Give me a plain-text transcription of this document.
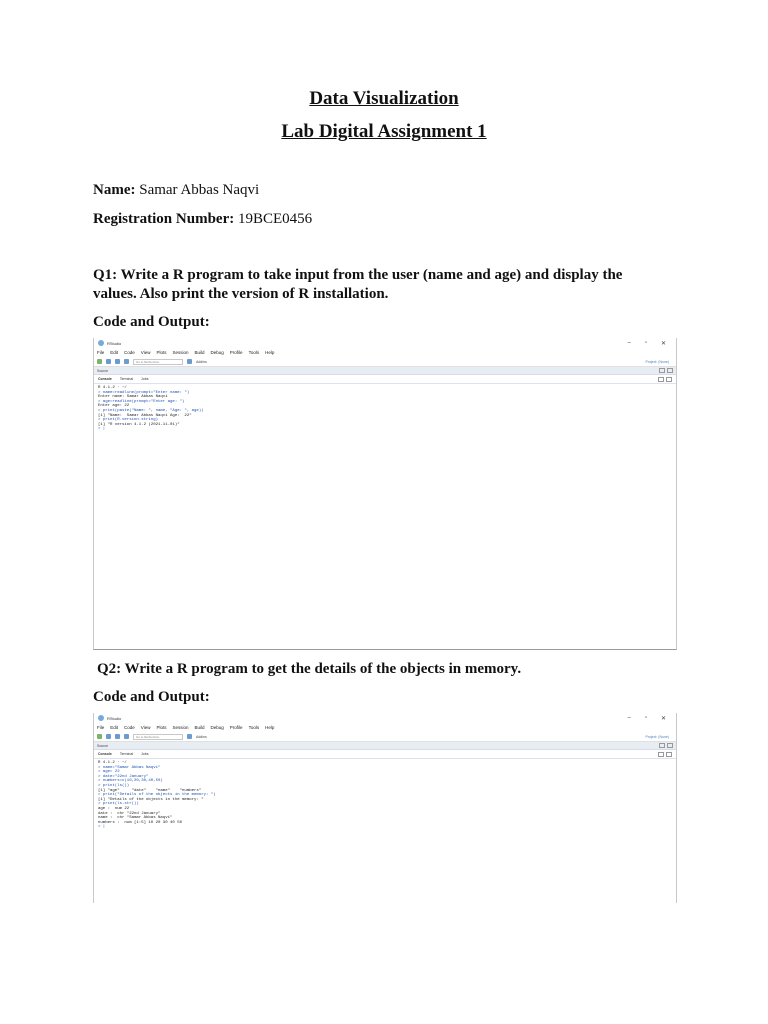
Data Visualization
Lab Digital Assignment 1
Name: Samar Abbas Naqvi
Registration Number: 19BCE0456
Q1: Write a R program to take input from the user (name and age) and display the values. Also print the version of R installation.
Code and Output:
RStudio	– ▫ ✕
File Edit Code View Plots Session Build Debug Profile Tools Help
Go to file/function	Addins	Project: (None)
Source
Console Terminal Jobs
R 4.1.2 · ~/
> name=readline(prompt="Enter name: ")
Enter name: Samar Abbas Naqvi
> age=readline(prompt="Enter age: ")
Enter age: 22
> print(paste("Name: ", name, "Age: ", age))
[1] "Name:  Samar Abbas Naqvi Age:  22"
> print(R.version.string)
[1] "R version 4.1.2 (2021-11-01)"
> |
Q2: Write a R program to get the details of the objects in memory.
Code and Output:
RStudio	– ▫ ✕
File Edit Code View Plots Session Build Debug Profile Tools Help
Go to file/function	Addins	Project: (None)
Source
Console Terminal Jobs
R 4.1.2 · ~/
> name="Samar Abbas Naqvi"
> age= 22
> date="22nd January"
> numbers=c(10,20,30,40,50)
> print(ls())
[1] "age"     "date"    "name"    "numbers"
> print("Details of the objects in the memory: ")
[1] "Details of the objects in the memory: "
> print(ls.str())
age :  num 22
date :  chr "22nd January"
name :  chr "Samar Abbas Naqvi"
numbers :  num [1:5] 10 20 30 40 50
> |
